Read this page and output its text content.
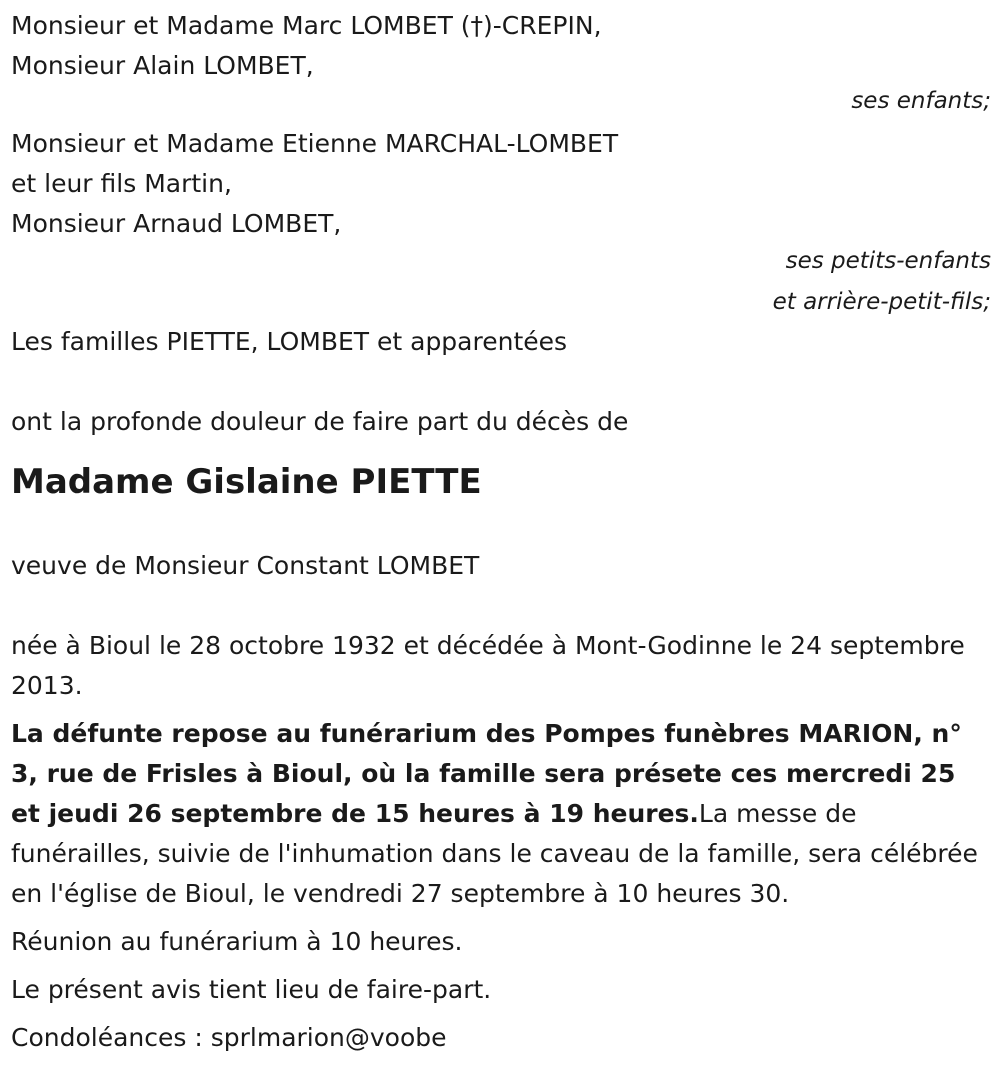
Monsieur et Madame Marc LOMBET (†)-CREPIN,
Monsieur Alain LOMBET,
ses enfants;
Monsieur et Madame Etienne MARCHAL-LOMBET
et leur fils Martin,
Monsieur Arnaud LOMBET,
ses petits-enfants
et arrière-petit-fils;
Les familles PIETTE, LOMBET et apparentées
ont la profonde douleur de faire part du décès de
Madame Gislaine PIETTE
veuve de Monsieur Constant LOMBET

née à Bioul le 28 octobre 1932 et décédée à Mont-Godinne le 24 septembre 2013.

La défunte repose au funérarium des Pompes funèbres MARION, n° 3, rue de Frisles à Bioul, où la famille sera présete ces mercredi 25 et jeudi 26 septembre de 15 heures à 19 heures.La messe de funérailles, suivie de l'inhumation dans le caveau de la famille, sera célébrée en l'église de Bioul, le vendredi 27 septembre à 10 heures 30.

Réunion au funérarium à 10 heures.

Le présent avis tient lieu de faire-part.

Condoléances : sprlmarion@voobe
